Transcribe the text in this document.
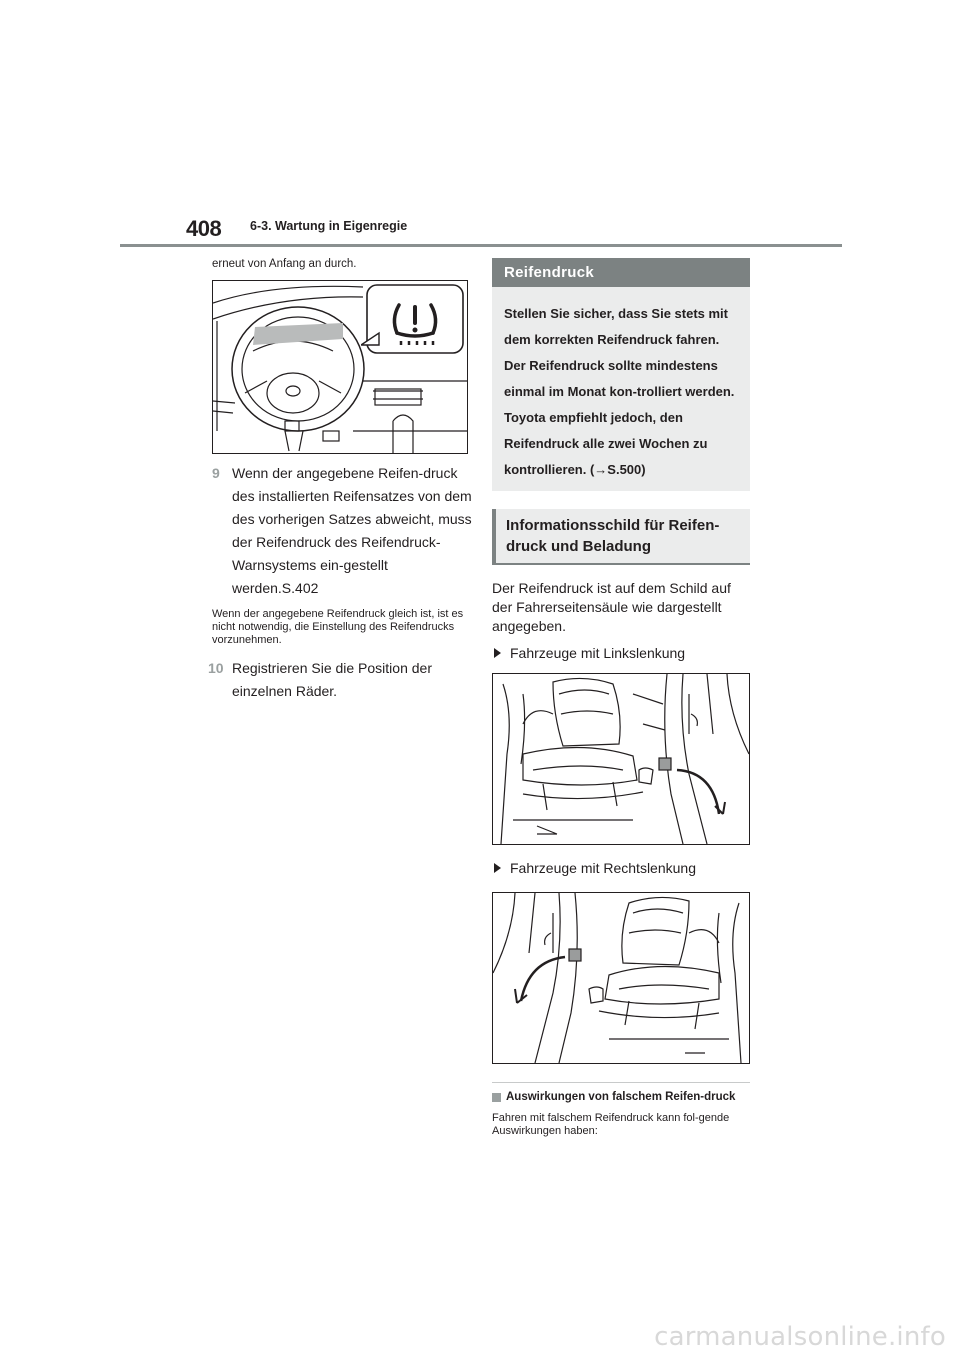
408 6-3. Wartung in Eigenregie
erneut von Anfang an durch.
9 Wenn der angegebene Reifen-druck des installierten Reifensatzes von dem des vorherigen Satzes abweicht, muss der Reifendruck des Reifendruck-Warnsystems ein-gestellt werden.S.402
Wenn der angegebene Reifendruck gleich ist, ist es nicht notwendig, die Einstellung des Reifendrucks vorzunehmen.
10 Registrieren Sie die Position der einzelnen Räder.
Reifendruck
Stellen Sie sicher, dass Sie stets mit dem korrekten Reifendruck fahren. Der Reifendruck sollte mindestens einmal im Monat kon-trolliert werden. Toyota empfiehlt jedoch, den Reifendruck alle zwei Wochen zu kontrollieren. (→S.500)
Informationsschild für Reifen-druck und Beladung
Der Reifendruck ist auf dem Schild auf der Fahrerseitensäule wie dargestellt angegeben.
Fahrzeuge mit Linkslenkung
Fahrzeuge mit Rechtslenkung
Auswirkungen von falschem Reifen-druck
Fahren mit falschem Reifendruck kann fol-gende Auswirkungen haben:
carmanualsonline.info
